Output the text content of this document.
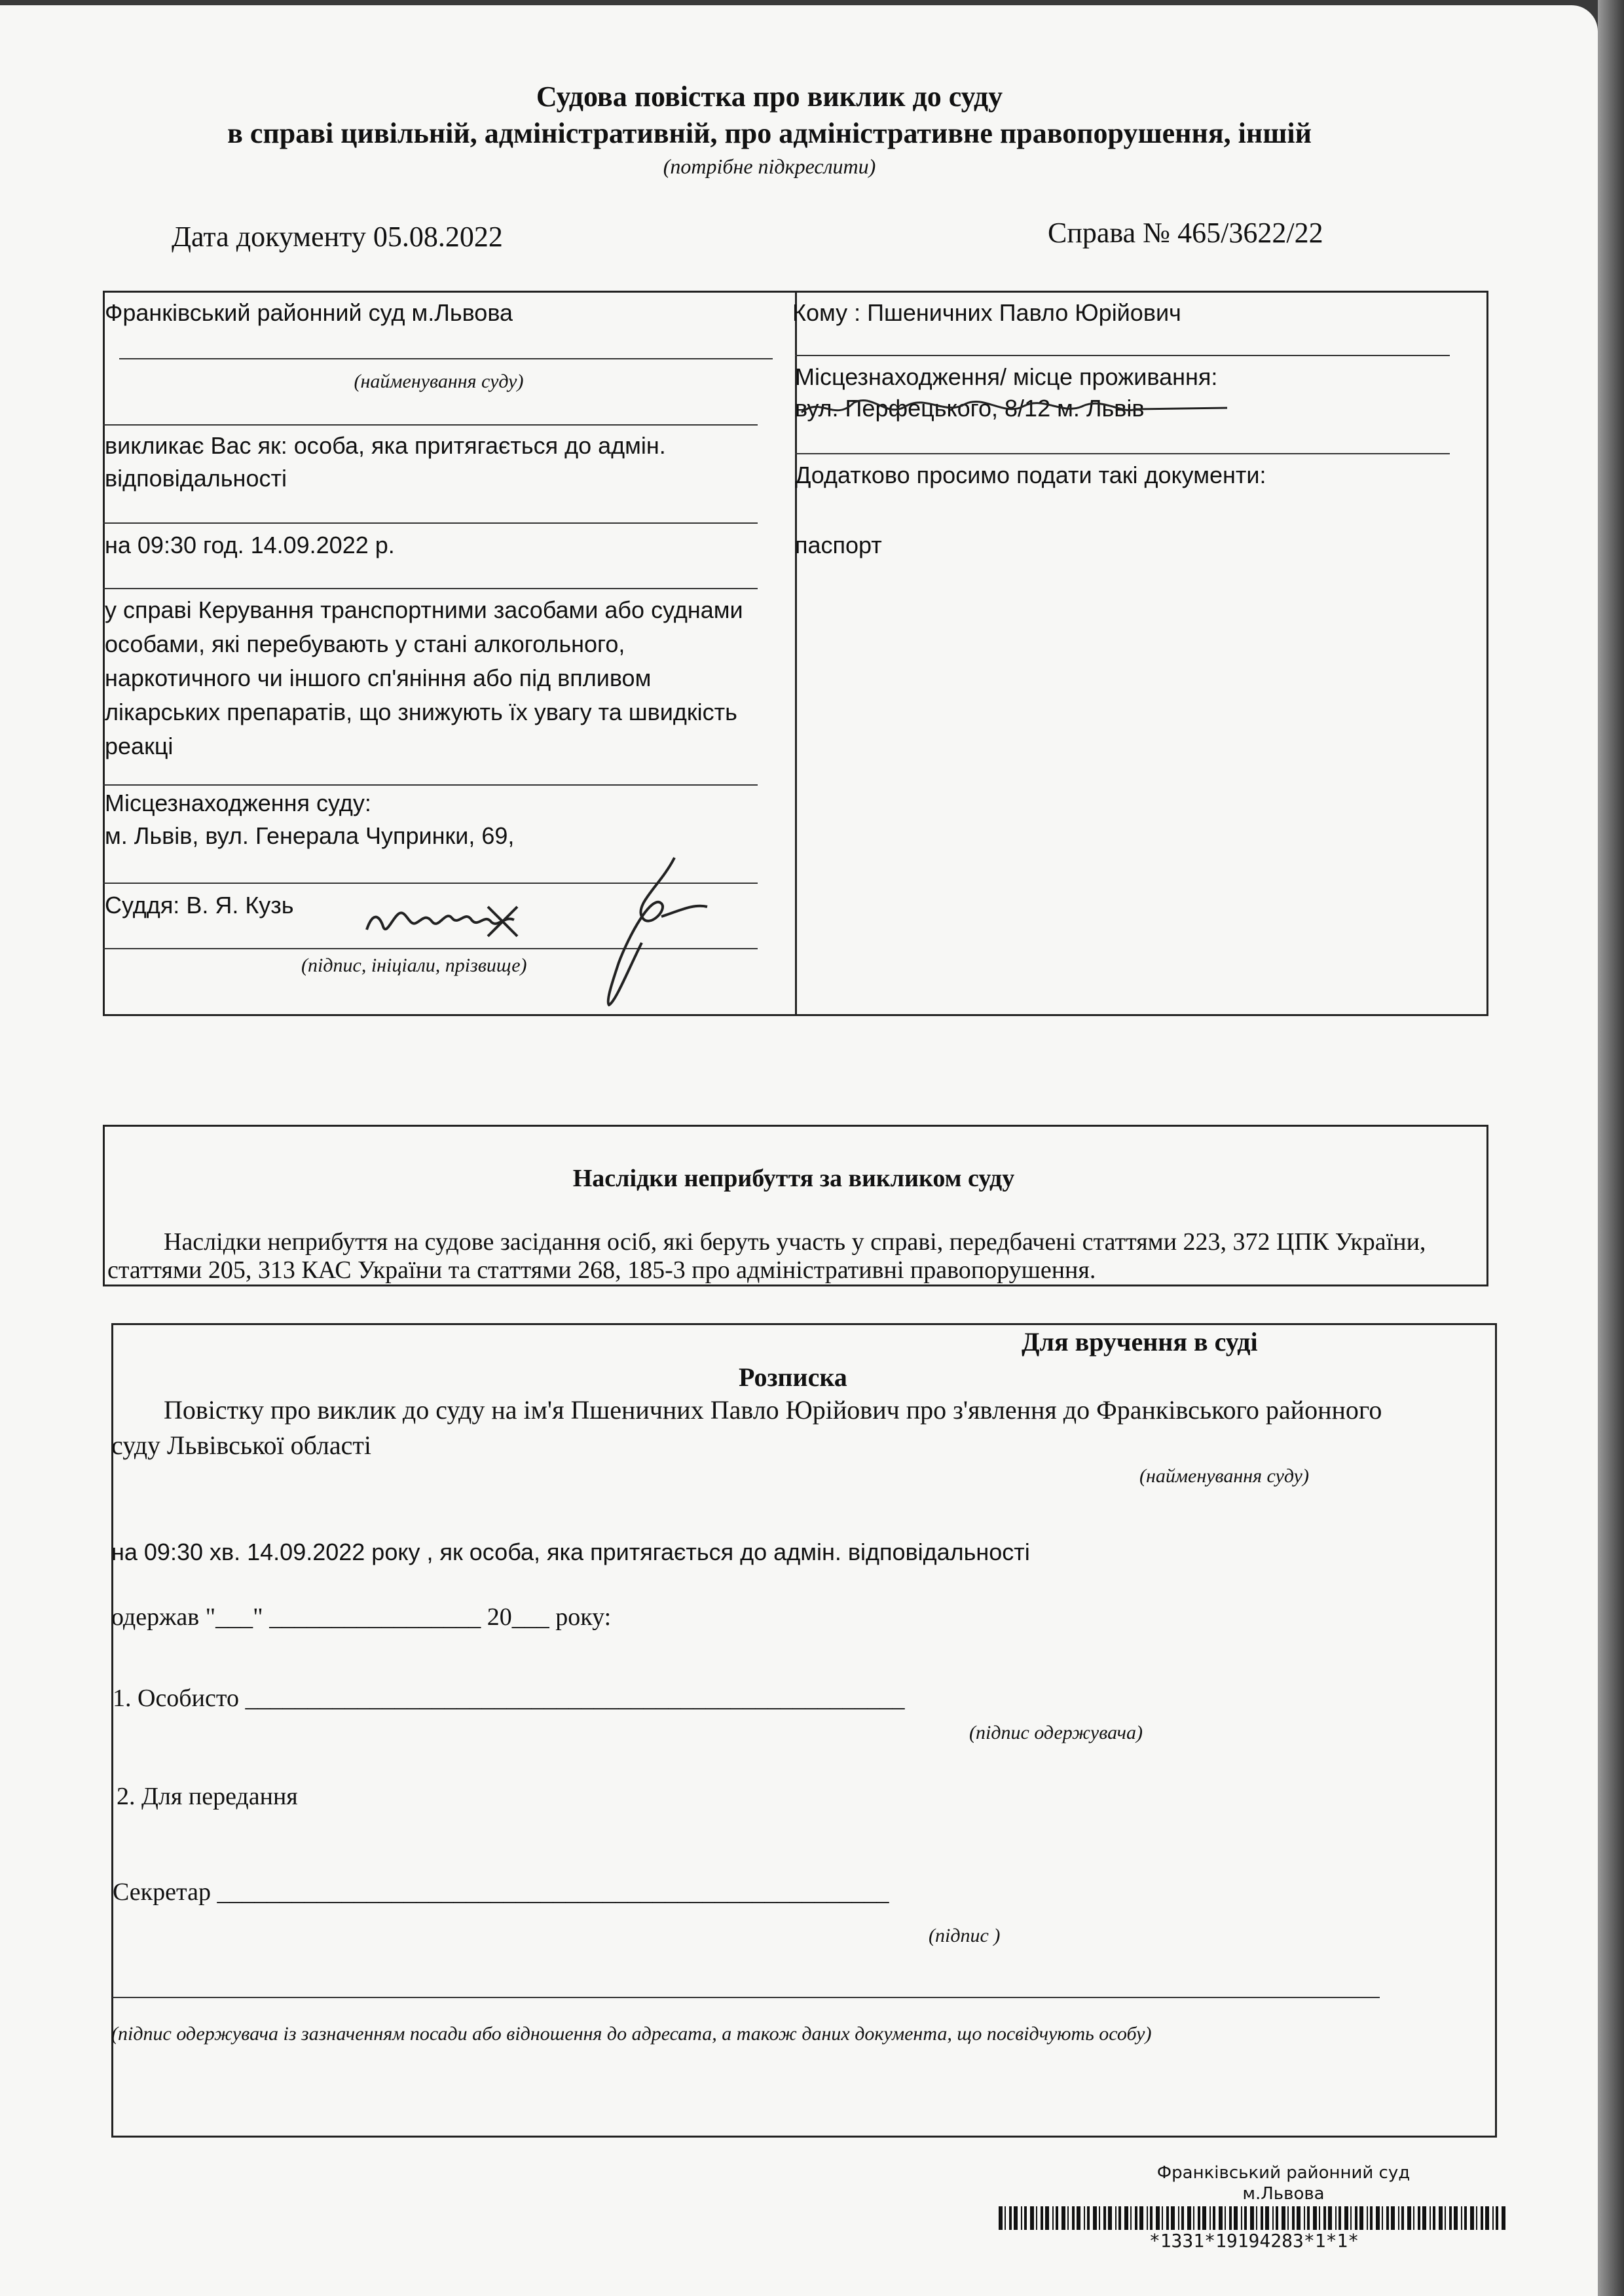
Судова повістка про виклик до суду
в справі цивільній, адміністративній, про адміністративне правопорушення, іншій
(потрібне підкреслити)
Дата документу 05.08.2022	Справа № 465/3622/22
Франківський районний суд м.Львова
(найменування суду)
викликає Вас як: особа, яка притягається до адмін.
відповідальності
на 09:30 год. 14.09.2022 р.
у справі Керування транспортними засобами або суднами
особами, які перебувають у стані алкогольного,
наркотичного чи іншого сп'яніння або під впливом
лікарських препаратів, що знижують їх увагу та швидкість
реакці
Місцезнаходження суду:
м. Львів, вул. Генерала Чупринки, 69,
Суддя: В. Я. Кузь
(підпис, ініціали, прізвище)
Кому : Пшеничних Павло Юрійович
Місцезнаходження/ місце проживання:
вул. Перфецького, 8/12 м. Львів
Додатково просимо подати такі документи:
паспорт
Наслідки неприбуття за викликом суду
Наслідки неприбуття на судове засідання осіб, які беруть участь у справі, передбачені статтями 223, 372 ЦПК України,
статтями 205, 313 КАС України та статтями 268, 185-3 про адміністративні правопорушення.
Для вручення в суді
Розписка
Повістку про виклик до суду на ім'я Пшеничних Павло Юрійович про з'явлення до Франківського районного
суду Львівської області
(найменування суду)
на 09:30 хв. 14.09.2022 року , як особа, яка притягається до адмін. відповідальності
одержав "___" _________________ 20___ року:
1. Особисто _____________________________________________________
(підпис одержувача)
2. Для передання
Секретар ______________________________________________________
(підпис )
(підпис одержувача із зазначенням посади або відношення до адресата, а також даних документа, що посвідчують особу)
Франківський районний суд
м.Львова
*1331*19194283*1*1*
